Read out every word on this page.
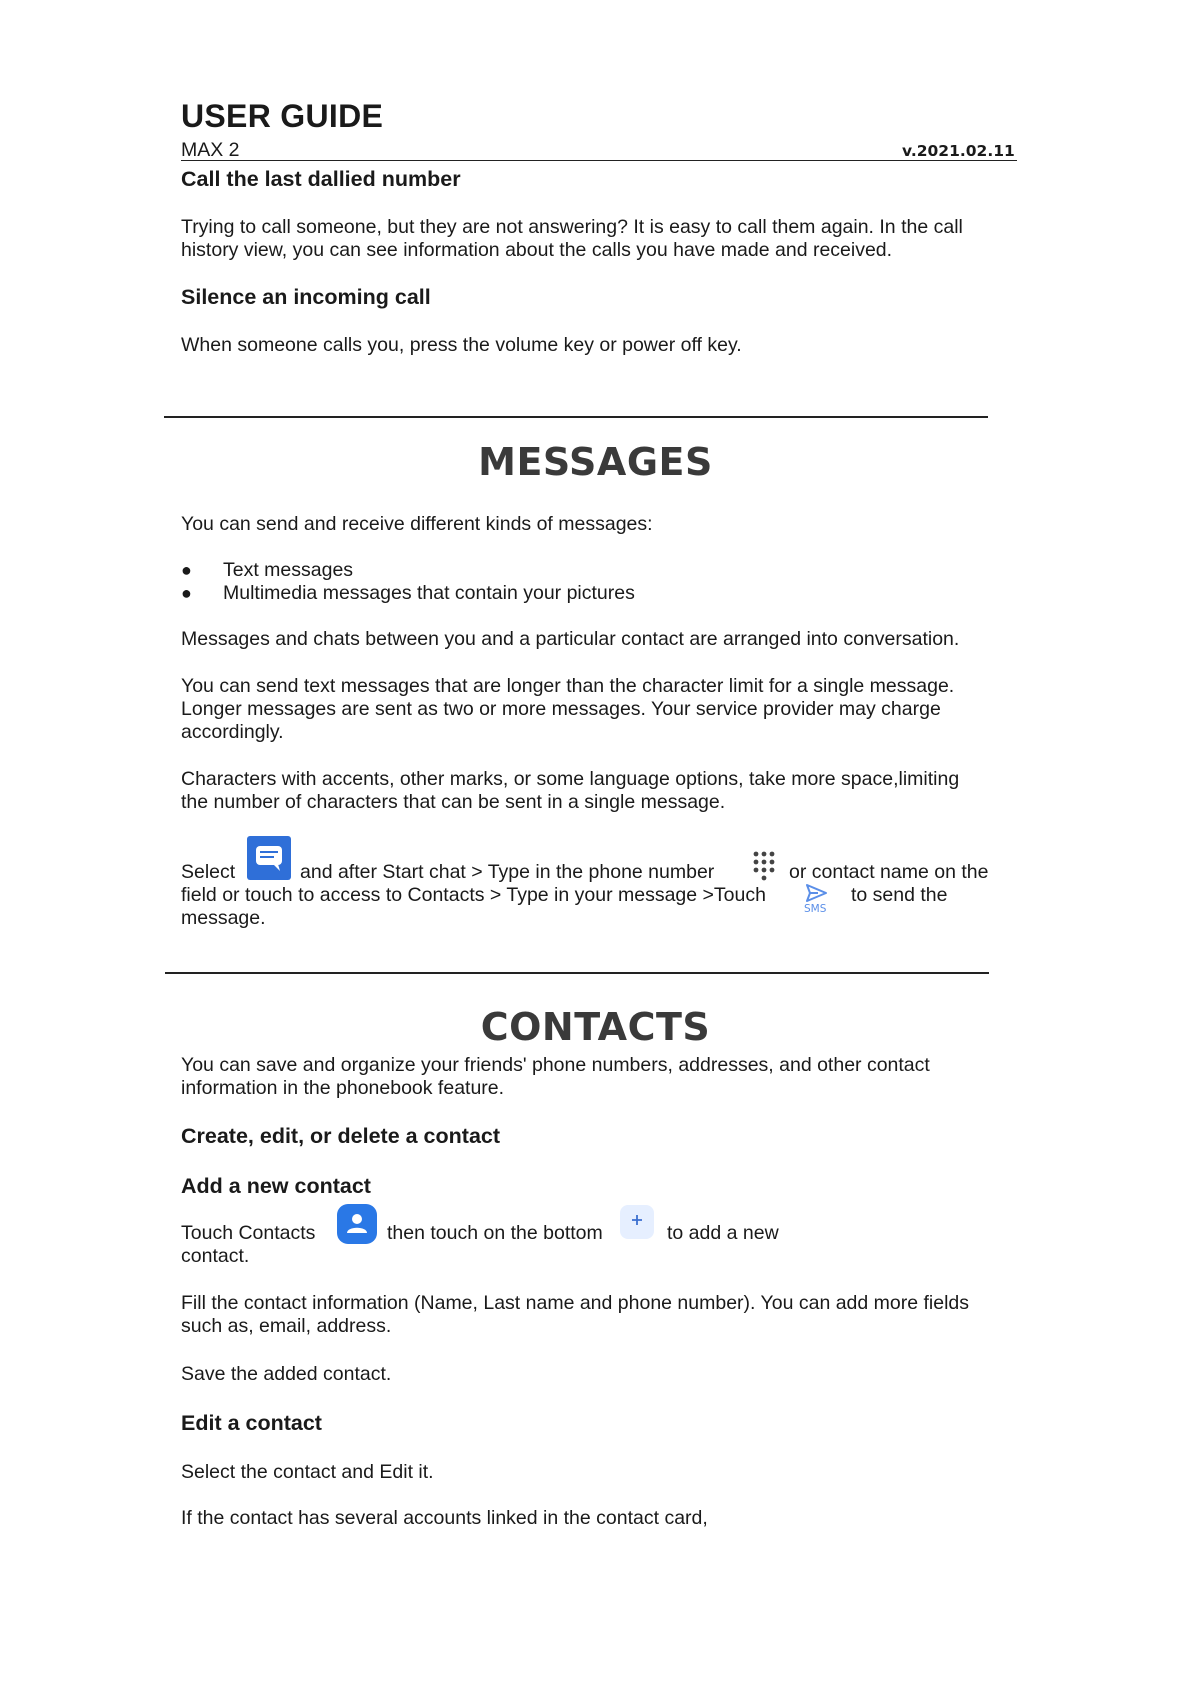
USER GUIDE
MAX 2	v.2021.02.11
Call the last dallied number
Trying to call someone, but they are not answering? It is easy to call them again. In the call
history view, you can see information about the calls you have made and received.
Silence an incoming call
When someone calls you, press the volume key or power off key.
MESSAGES
You can send and receive different kinds of messages:
● Text messages
● Multimedia messages that contain your pictures
Messages and chats between you and a particular contact are arranged into conversation.
You can send text messages that are longer than the character limit for a single message.
Longer messages are sent as two or more messages. Your service provider may charge
accordingly.
Characters with accents, other marks, or some language options, take more space,limiting
the number of characters that can be sent in a single message.
Select	and after Start chat > Type in the phone number	or contact name on the
field or touch to access to Contacts > Type in your message >Touch
SMS
to send the
message.
CONTACTS
You can save and organize your friends' phone numbers, addresses, and other contact
information in the phonebook feature.
Create, edit, or delete a contact
Add a new contact
Touch Contacts	then touch on the bottom	to add a new
contact.
Fill the contact information (Name, Last name and phone number). You can add more fields
such as, email, address.
Save the added contact.
Edit a contact
Select the contact and Edit it.
If the contact has several accounts linked in the contact card,
